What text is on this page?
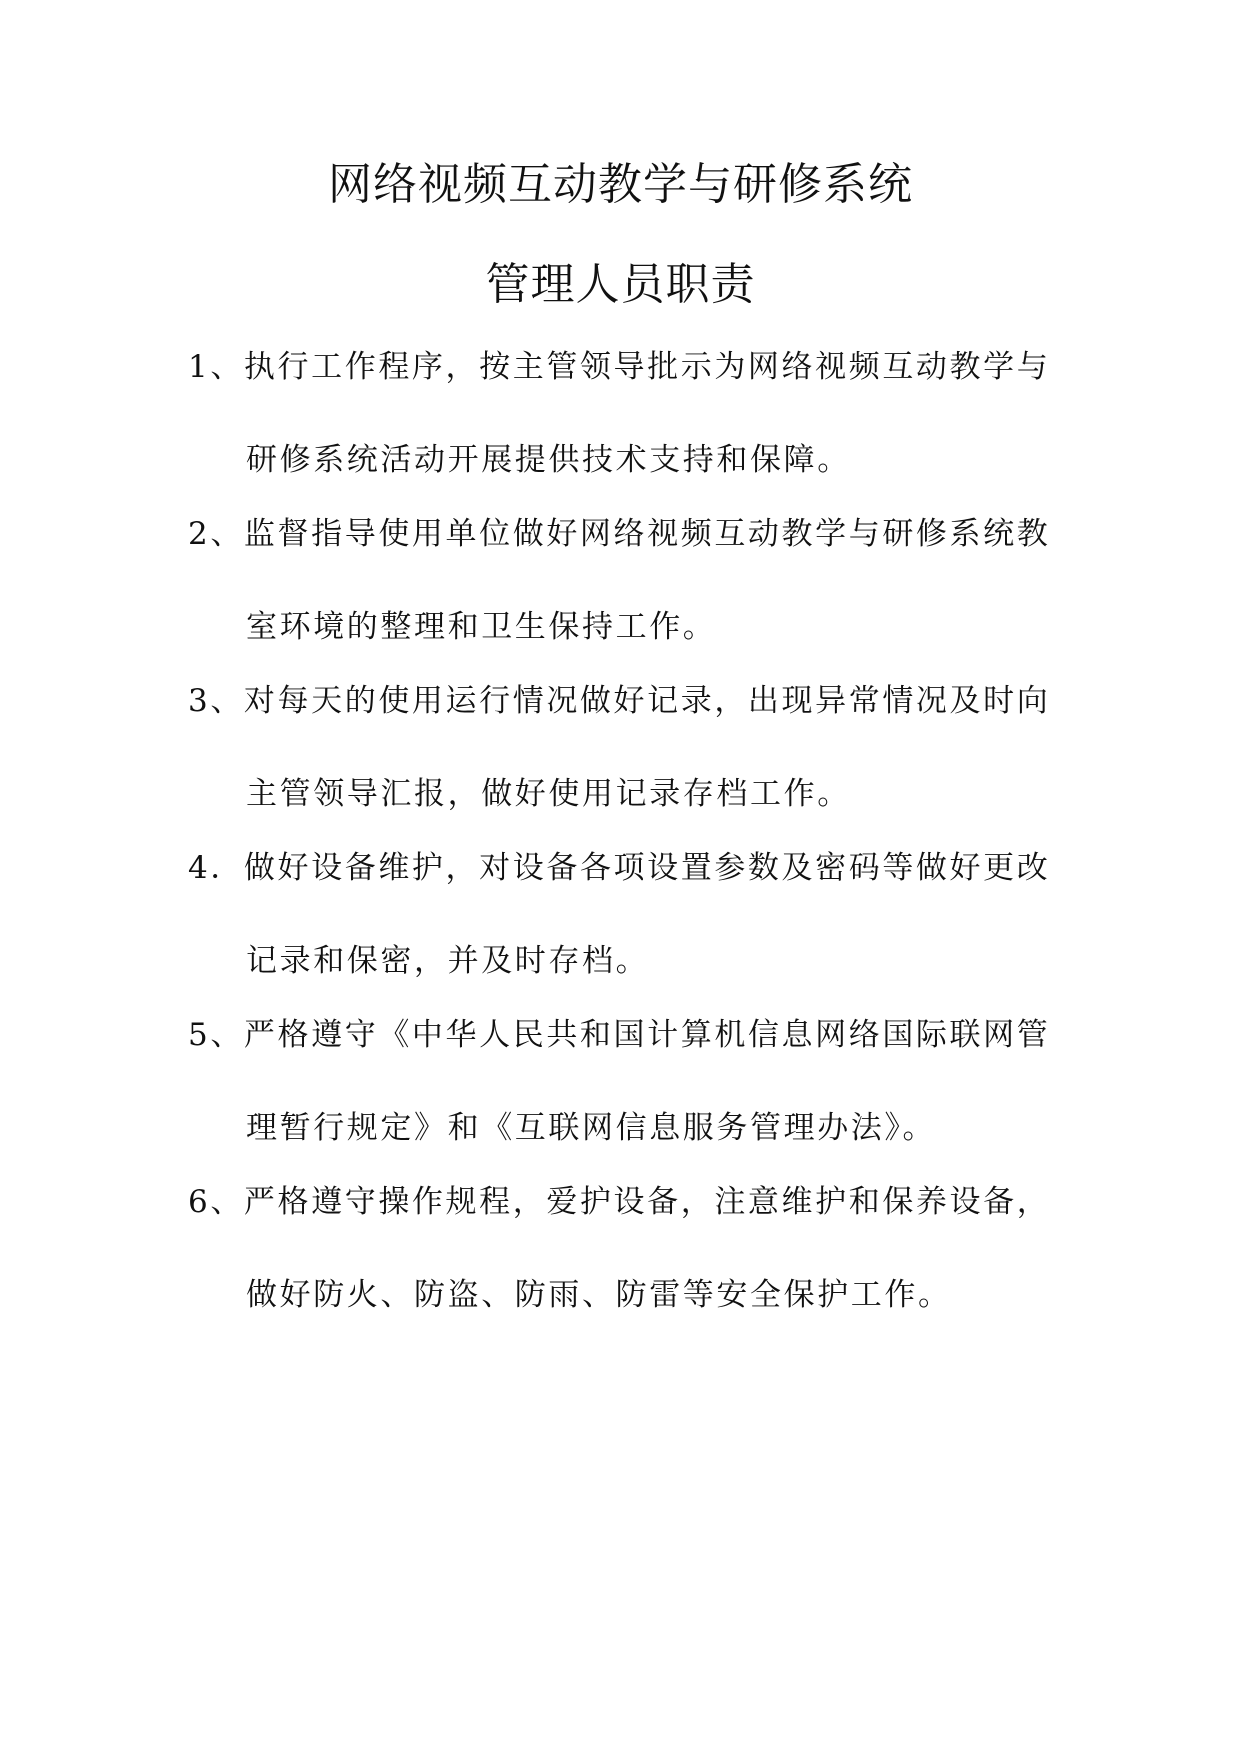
网络视频互动教学与研修系统
管理人员职责
1、执行工作程序，按主管领导批示为网络视频互动教学与
研修系统活动开展提供技术支持和保障。
2、监督指导使用单位做好网络视频互动教学与研修系统教
室环境的整理和卫生保持工作。
3、对每天的使用运行情况做好记录，出现异常情况及时向
主管领导汇报，做好使用记录存档工作。
4．做好设备维护，对设备各项设置参数及密码等做好更改
记录和保密，并及时存档。
5、严格遵守《中华人民共和国计算机信息网络国际联网管
理暂行规定》和《互联网信息服务管理办法》。
6、严格遵守操作规程，爱护设备，注意维护和保养设备，
做好防火、防盗、防雨、防雷等安全保护工作。
